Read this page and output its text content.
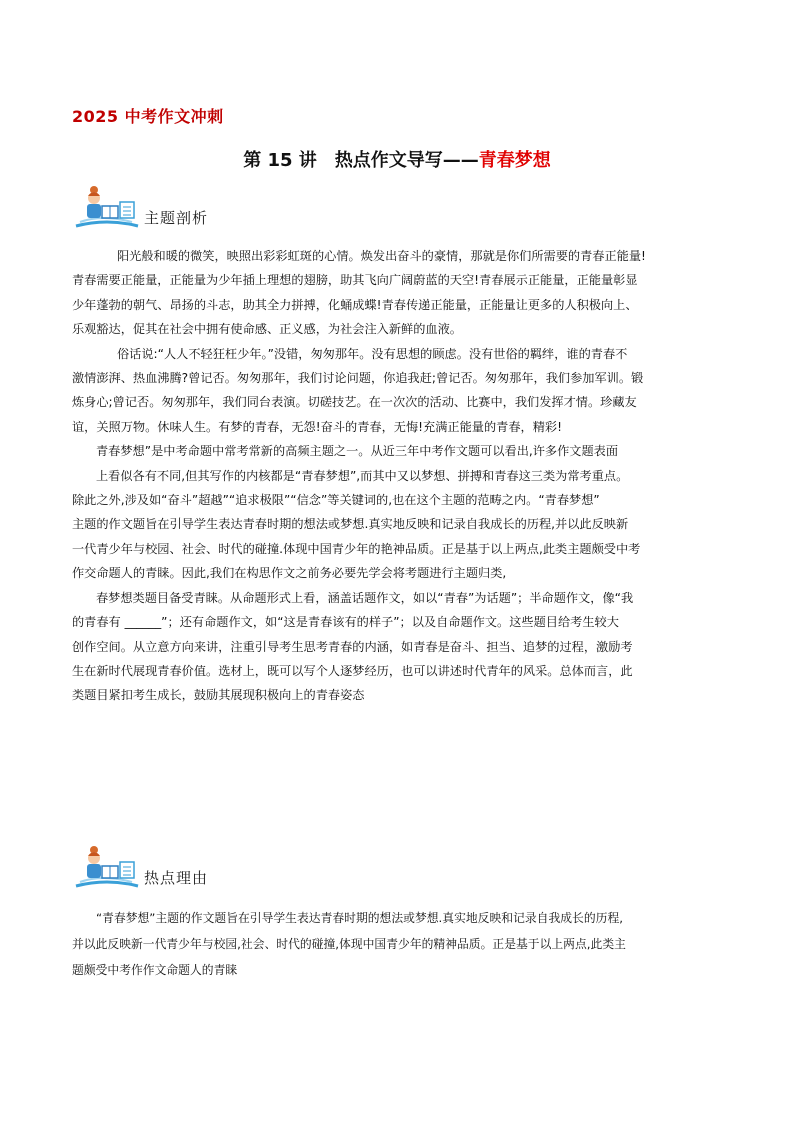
2025 中考作文冲刺
第 15 讲　热点作文导写——青春梦想
主题剖析

阳光般和暖的微笑，映照出彩彩虹斑的心情。焕发出奋斗的豪情，那就是你们所需要的青春正能量!

青春需要正能量，正能量为少年插上理想的翅膀，助其飞向广阔蔚蓝的天空!青春展示正能量，正能量彰显

少年蓬勃的朝气、昂扬的斗志，助其全力拼搏，化蛹成蝶!青春传递正能量，正能量让更多的人积极向上、

乐观豁达，促其在社会中拥有使命感、正义感，为社会注入新鲜的血液。

俗话说:“人人不轻狂枉少年。”没错，匆匆那年。没有思想的顾虑。没有世俗的羁绊，谁的青春不

激情澎湃、热血沸腾?曾记否。匆匆那年，我们讨论问题，你追我赶;曾记否。匆匆那年，我们参加军训。锻

炼身心;曾记否。匆匆那年，我们同台表演。切磋技艺。在一次次的活动、比赛中，我们发挥才情。珍藏友

谊，关照万物。休味人生。有梦的青春，无怨!奋斗的青春，无悔!充满正能量的青春，精彩!

青春梦想”是中考命题中常考常新的高频主题之一。从近三年中考作文题可以看出,许多作文题表面

上看似各有不同,但其写作的内核都是“青春梦想”,而其中又以梦想、拼搏和青春这三类为常考重点。

除此之外,涉及如“奋斗”超越”“追求极限”“信念”等关键词的,也在这个主题的范畴之内。“青春梦想”

主题的作文题旨在引导学生表达青春时期的想法或梦想.真实地反映和记录自我成长的历程,并以此反映新

一代青少年与校园、社会、时代的碰撞.体现中国青少年的艳神品质。正是基于以上两点,此类主题颇受中考

作交命题人的青睐。因此,我们在构思作文之前务必要先学会将考题进行主题归类,

春梦想类题目备受青睐。从命题形式上看，涵盖话题作文，如以“青春”为话题”；半命题作文，像“我

的青春有 ______”；还有命题作文，如“这是青春该有的样子”；以及自命题作文。这些题目给考生较大

创作空间。从立意方向来讲，注重引导考生思考青春的内涵，如青春是奋斗、担当、追梦的过程，激励考

生在新时代展现青春价值。选材上，既可以写个人逐梦经历，也可以讲述时代青年的风采。总体而言，此

类题目紧扣考生成长，鼓励其展现积极向上的青春姿态

热点理由

“青春梦想”主题的作文题旨在引导学生表达青春时期的想法或梦想.真实地反映和记录自我成长的历程,

并以此反映新一代青少年与校园,社会、时代的碰撞,体现中国青少年的精神品质。正是基于以上两点,此类主

题颇受中考作作文命题人的青睐
